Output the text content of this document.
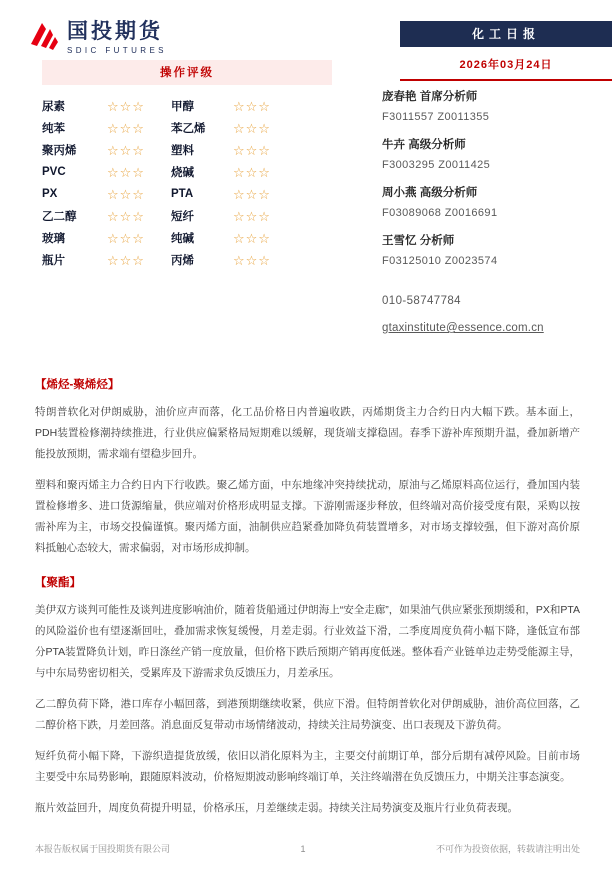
国投期货
SDIC FUTURES
化工日报
2026年03月24日
操作评级
尿素	☆☆☆	甲醇	☆☆☆
纯苯	☆☆☆	苯乙烯	☆☆☆
聚丙烯	☆☆☆	塑料	☆☆☆
PVC	☆☆☆	烧碱	☆☆☆
PX	☆☆☆	PTA	☆☆☆
乙二醇	☆☆☆	短纤	☆☆☆
玻璃	☆☆☆	纯碱	☆☆☆
瓶片	☆☆☆	丙烯	☆☆☆
庞春艳 首席分析师
F3011557 Z0011355
牛卉 高级分析师
F3003295 Z0011425
周小燕 高级分析师
F03089068 Z0016691
王雪忆 分析师
F03125010 Z0023574
010-58747784
gtaxinstitute@essence.com.cn
【烯烃-聚烯烃】

特朗普软化对伊朗威胁，油价应声而落，化工品价格日内普遍收跌，丙烯期货主力合约日内大幅下跌。基本面上，PDH装置检修潮持续推进，行业供应偏紧格局短期难以缓解，现货端支撑稳固。春季下游补库预期升温，叠加新增产能投放预期，需求端有望稳步回升。

塑料和聚丙烯主力合约日内下行收跌。聚乙烯方面，中东地缘冲突持续扰动，原油与乙烯原料高位运行，叠加国内装置检修增多、进口货源缩量，供应端对价格形成明显支撑。下游刚需逐步释放，但终端对高价接受度有限，采购以按需补库为主，市场交投偏谨慎。聚丙烯方面，油制供应趋紧叠加降负荷装置增多，对市场支撑较强，但下游对高价原料抵触心态较大，需求偏弱，对市场形成抑制。

【聚酯】

美伊双方谈判可能性及谈判进度影响油价，随着货船通过伊朗海上“安全走廊”，如果油气供应紧张预期缓和，PX和PTA的风险溢价也有望逐渐回吐，叠加需求恢复缓慢，月差走弱。行业效益下滑，二季度周度负荷小幅下降，逢低宣布部分PTA装置降负计划，昨日涤丝产销一度放量，但价格下跌后预期产销再度低迷。整体看产业链单边走势受能源主导，与中东局势密切相关，受累库及下游需求负反馈压力，月差承压。

乙二醇负荷下降，港口库存小幅回落，到港预期继续收紧，供应下滑。但特朗普软化对伊朗威胁，油价高位回落，乙二醇价格下跌，月差回落。消息面反复带动市场情绪波动，持续关注局势演变、出口表现及下游负荷。

短纤负荷小幅下降，下游织造提货放缓，依旧以消化原料为主，主要交付前期订单，部分后期有减停风险。目前市场主要受中东局势影响，跟随原料波动，价格短期波动影响终端订单，关注终端潜在负反馈压力，中期关注事态演变。

瓶片效益回升，周度负荷提升明显，价格承压，月差继续走弱。持续关注局势演变及瓶片行业负荷表现。

本报告版权属于国投期货有限公司	1	不可作为投资依据，转载请注明出处
